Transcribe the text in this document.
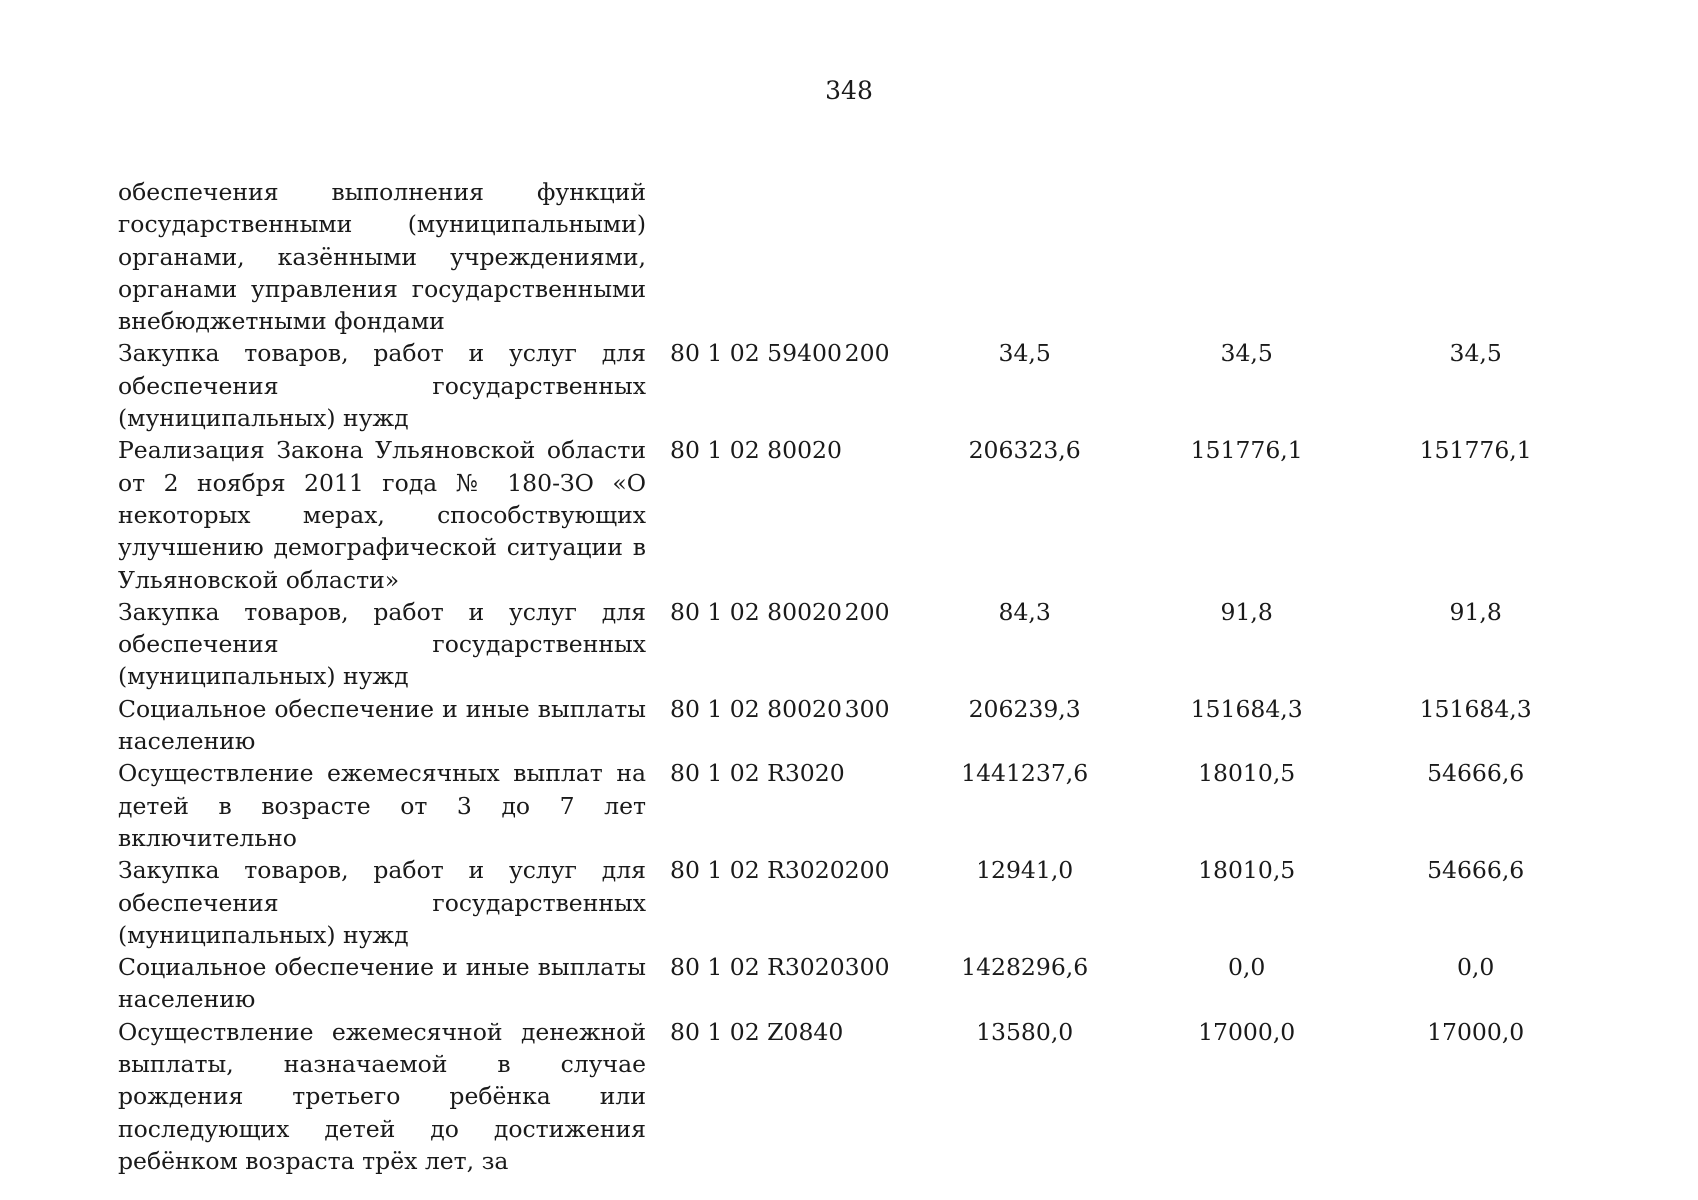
348
обеспечения выполнения функций государственными (муниципальными) органами, казёнными учреждениями, органами управления государственными внебюджетными фондами					
Закупка товаров, работ и услуг для обеспечения государственных (муниципальных) нужд	80 1 02 59400	200	34,5	34,5	34,5
Реализация Закона Ульяновской области от 2 ноября 2011 года № 180-ЗО «О некоторых мерах, способствующих улучшению демографической ситуации в Ульяновской области»	80 1 02 80020		206323,6	151776,1	151776,1
Закупка товаров, работ и услуг для обеспечения государственных (муниципальных) нужд	80 1 02 80020	200	84,3	91,8	91,8
Социальное обеспечение и иные выплаты населению	80 1 02 80020	300	206239,3	151684,3	151684,3
Осуществление ежемесячных выплат на детей в возрасте от 3 до 7 лет включительно	80 1 02 R3020		1441237,6	18010,5	54666,6
Закупка товаров, работ и услуг для обеспечения государственных (муниципальных) нужд	80 1 02 R3020	200	12941,0	18010,5	54666,6
Социальное обеспечение и иные выплаты населению	80 1 02 R3020	300	1428296,6	0,0	0,0
Осуществление ежемесячной денежной выплаты, назначаемой в случае рождения третьего ребёнка или последующих детей до достижения ребёнком возраста трёх лет, за	80 1 02 Z0840		13580,0	17000,0	17000,0
